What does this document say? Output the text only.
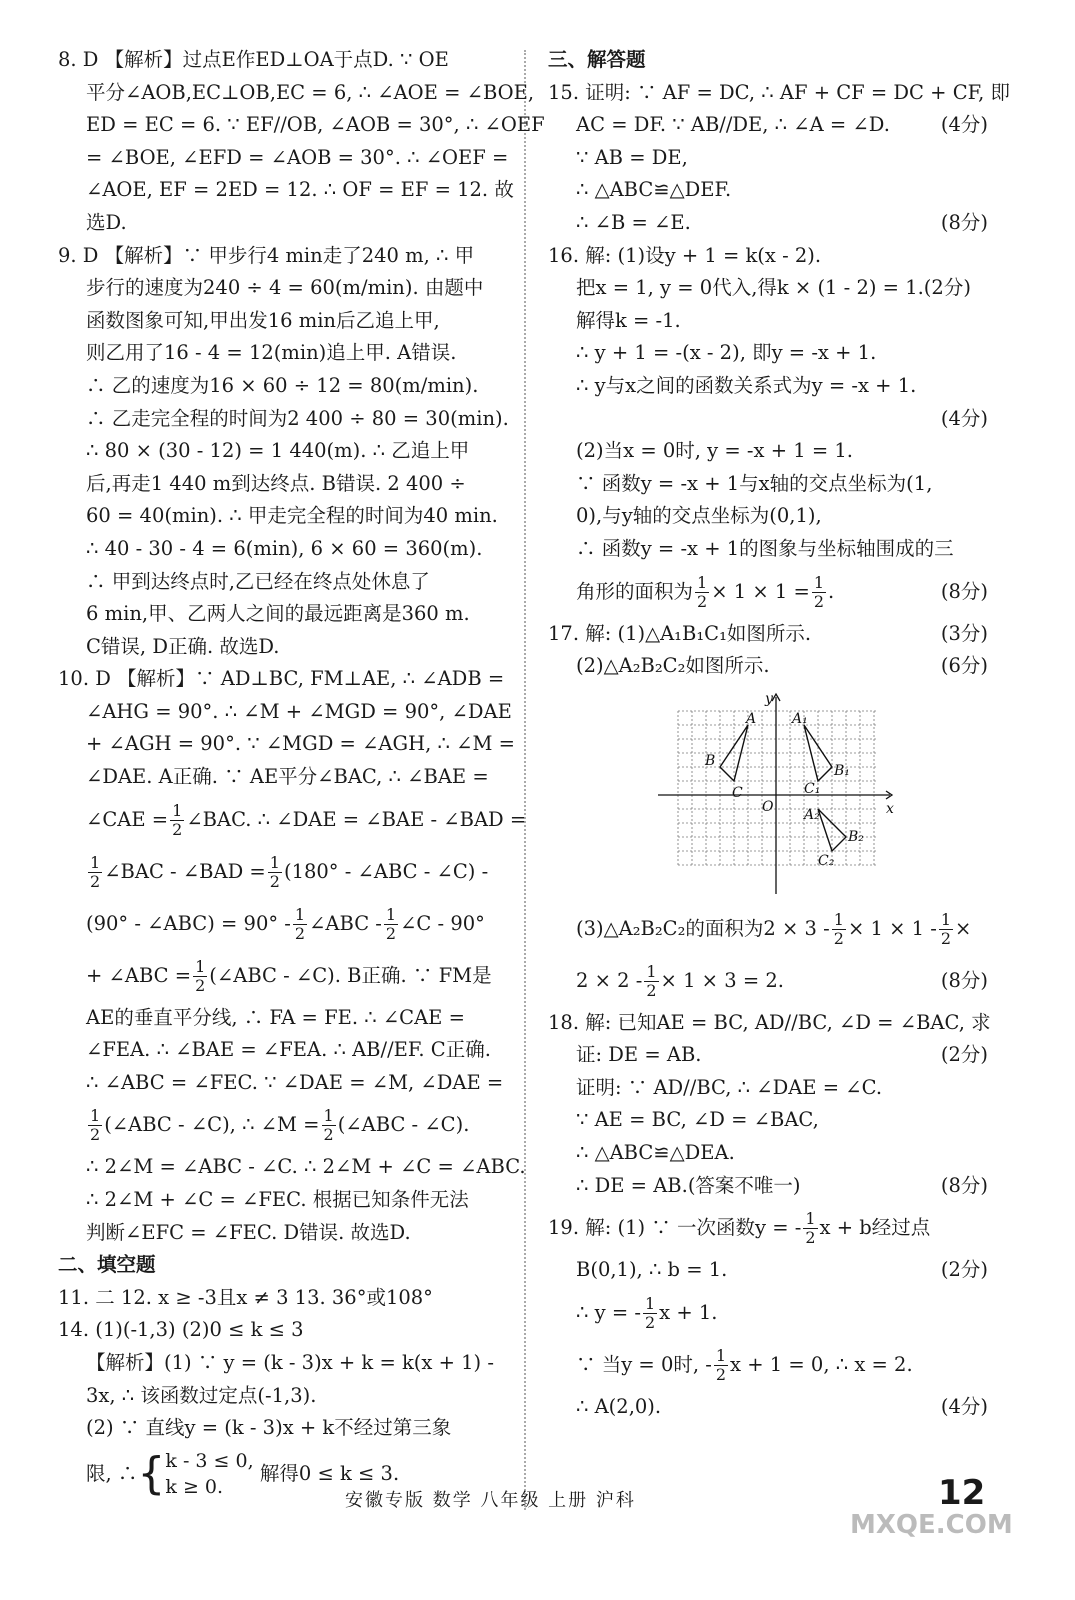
8. D 【解析】过点E作ED⊥OA于点D. ∵ OE

平分∠AOB,EC⊥OB,EC = 6, ∴ ∠AOE = ∠BOE,

ED = EC = 6. ∵ EF//OB, ∠AOB = 30°, ∴ ∠OEF

= ∠BOE, ∠EFD = ∠AOB = 30°. ∴ ∠OEF =

∠AOE, EF = 2ED = 12. ∴ OF = EF = 12. 故

选D.

9. D 【解析】∵ 甲步行4 min走了240 m, ∴ 甲

步行的速度为240 ÷ 4 = 60(m/min). 由题中

函数图象可知,甲出发16 min后乙追上甲,

则乙用了16 - 4 = 12(min)追上甲. A错误.

∴ 乙的速度为16 × 60 ÷ 12 = 80(m/min).

∴ 乙走完全程的时间为2 400 ÷ 80 = 30(min).

∴ 80 × (30 - 12) = 1 440(m). ∴ 乙追上甲

后,再走1 440 m到达终点. B错误. 2 400 ÷

60 = 40(min). ∴ 甲走完全程的时间为40 min.

∴ 40 - 30 - 4 = 6(min), 6 × 60 = 360(m).

∴ 甲到达终点时,乙已经在终点处休息了

6 min,甲、乙两人之间的最远距离是360 m.

C错误, D正确. 故选D.

10. D 【解析】∵ AD⊥BC, FM⊥AE, ∴ ∠ADB =

∠AHG = 90°. ∴ ∠M + ∠MGD = 90°, ∠DAE

+ ∠AGH = 90°. ∵ ∠MGD = ∠AGH, ∴ ∠M =

∠DAE. A正确. ∵ AE平分∠BAC, ∴ ∠BAE =

∠CAE = $\frac{1}{2}$ ∠BAC. ∴ ∠DAE = ∠BAE - ∠BAD =

$\frac{1}{2}$ ∠BAC - ∠BAD = $\frac{1}{2} (180^\circ$ - ∠ABC - ∠C) -

(90° - ∠ABC) = $90^\circ - \frac{1}{2}$ ∠ABC - $\frac{1}{2}$ ∠C - 90°

+ ∠ABC = $\frac{1}{2}$ (∠ABC - ∠C). B正确. ∵ FM是

AE的垂直平分线, ∴ FA = FE. ∴ ∠CAE =

∠FEA. ∴ ∠BAE = ∠FEA. ∴ AB//EF. C正确.

∴ ∠ABC = ∠FEC. ∵ ∠DAE = ∠M, ∠DAE =

$\frac{1}{2}$ (∠ABC - ∠C), ∴ ∠M = $\frac{1}{2}$ (∠ABC - ∠C).

∴ 2∠M = ∠ABC - ∠C. ∴ 2∠M + ∠C = ∠ABC.

∴ 2∠M + ∠C = ∠FEC. 根据已知条件无法

判断∠EFC = ∠FEC. D错误. 故选D.

二、填空题

11. 二 12. x ≥ -3且x ≠ 3 13. 36°或108°

14. (1)(-1,3) (2)0 ≤ k ≤ 3

【解析】(1) ∵ y = (k - 3)x + k = k(x + 1) -

3x, ∴ 该函数过定点(-1,3).

(2) ∵ 直线y = (k - 3)x + k不经过第三象

限, ∴{ k - 3 ≤ 0,
k ≥ 0.
解得0 ≤ k ≤ 3.

三、解答题

15. 证明: ∵ AF = DC, ∴ AF + CF = DC + CF, 即

AC = DF. ∵ AB//DE, ∴ ∠A = ∠D.	(4分)

∵ AB = DE,

∴ △ABC≌△DEF.

∴ ∠B = ∠E.	(8分)

16. 解: (1)设y + 1 = k(x - 2).

把x = 1, y = 0代入,得k × (1 - 2) = 1.(2分)

解得k = -1.

∴ y + 1 = -(x - 2), 即y = -x + 1.

∴ y与x之间的函数关系式为y = -x + 1.

(4分)

(2)当x = 0时, y = -x + 1 = 1.

∵ 函数y = -x + 1与x轴的交点坐标为(1,

0),与y轴的交点坐标为(0,1),

∴ 函数y = -x + 1的图象与坐标轴围成的三

角形的面积为 $\frac{1}{2} \times 1 \times 1 = \frac{1}{2}$ .	(8分)

17. 解: (1)△A₁B₁C₁如图所示.	(3分)

(2)△A₂B₂C₂如图所示.	(6分)

y
x
O
A
B
C
A₁
B₁
C₁
A₂
B₂
C₂

(3)△A₂B₂C₂的面积为$2 \times 3 - \frac{1}{2} \times 1 \times 1 - \frac{1}{2}$ ×

$2 \times 2 - \frac{1}{2} \times 1 \times 3 = 2$.	(8分)

18. 解: 已知AE = BC, AD//BC, ∠D = ∠BAC, 求

证: DE = AB.	(2分)

证明: ∵ AD//BC, ∴ ∠DAE = ∠C.

∵ AE = BC, ∠D = ∠BAC,

∴ △ABC≌△DEA.

∴ DE = AB.(答案不唯一)	(8分)

19. 解: (1) ∵ 一次函数y = - $\frac{1}{2}$ x + b经过点

B(0,1), ∴ b = 1.	(2分)

∴ y = - $\frac{1}{2}$ x + 1.

∵ 当y = 0时, - $\frac{1}{2}$ x + 1 = 0, ∴ x = 2.

∴ A(2,0).	(4分)

安徽专版 数学 八年级 上册 沪科	12
MXQE.COM
